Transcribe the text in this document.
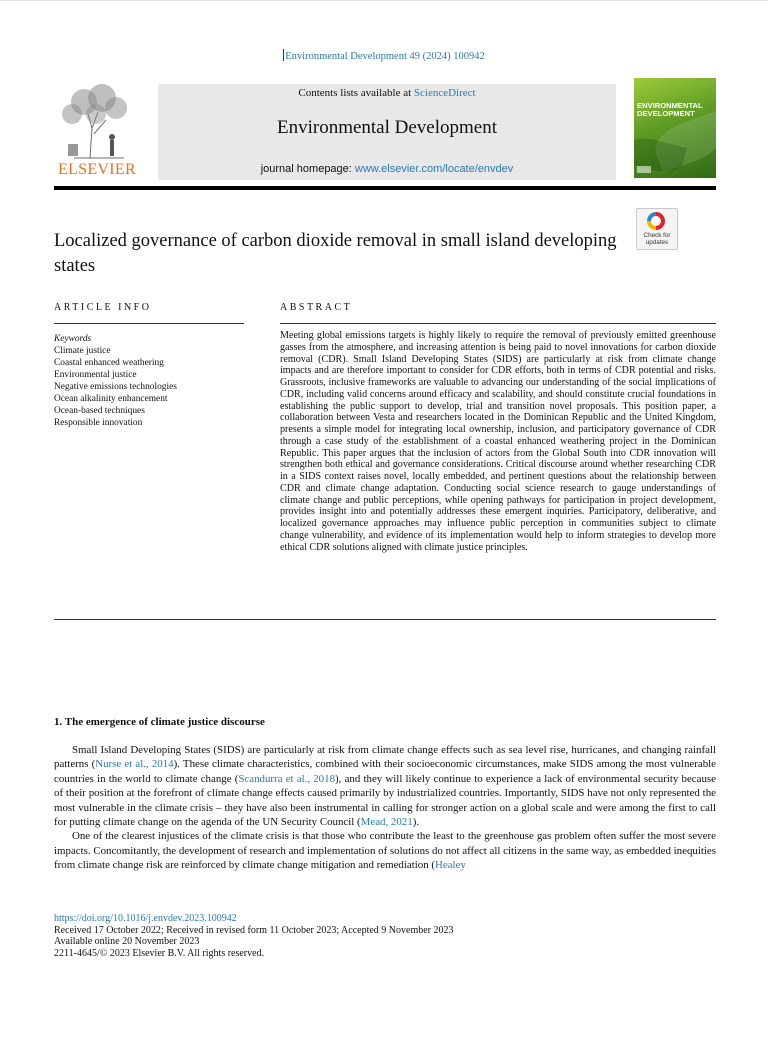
Environmental Development 49 (2024) 100942
ELSEVIER
Contents lists available at ScienceDirect
Environmental Development
journal homepage: www.elsevier.com/locate/envdev
ENVIRONMENTAL DEVELOPMENT
Check for
updates
Localized governance of carbon dioxide removal in small island developing states
ARTICLE INFO	ABSTRACT
Keywords
Climate justice
Coastal enhanced weathering
Environmental justice
Negative emissions technologies
Ocean alkalinity enhancement
Ocean-based techniques
Responsible innovation
Meeting global emissions targets is highly likely to require the removal of previously emitted greenhouse gasses from the atmosphere, and increasing attention is being paid to novel innovations for carbon dioxide removal (CDR). Small Island Developing States (SIDS) are particularly at risk from climate change impacts and are therefore important to consider for CDR efforts, both in terms of CDR potential and risks. Grassroots, inclusive frameworks are valuable to advancing our understanding of the social implications of CDR, including valid concerns around efficacy and scalability, and should constitute crucial foundations in establishing the public support to develop, trial and transition novel proposals. This position paper, a collaboration between Vesta and researchers located in the Dominican Republic and the United Kingdom, presents a simple model for integrating local ownership, inclusion, and participatory governance of CDR through a case study of the establishment of a coastal enhanced weathering project in the Dominican Republic. This paper argues that the inclusion of actors from the Global South into CDR innovation will strengthen both ethical and governance considerations. Critical discourse around whether researching CDR in a SIDS context raises novel, locally embedded, and pertinent questions about the relationship between CDR and climate change adaptation. Conducting social science research to gauge understandings of climate change and public perceptions, while opening pathways for participation in project development, provides insight into and potentially addresses these emergent inquiries. Participatory, deliberative, and localized governance approaches may influence public perception in communities subject to climate change vulnerability, and evidence of its implementation would help to inform strategies to develop more ethical CDR solutions aligned with climate justice principles.
1. The emergence of climate justice discourse

Small Island Developing States (SIDS) are particularly at risk from climate change effects such as sea level rise, hurricanes, and changing rainfall patterns (Nurse et al., 2014). These climate characteristics, combined with their socioeconomic circumstances, make SIDS among the most vulnerable countries in the world to climate change (Scandurra et al., 2018), and they will likely continue to experience a lack of environmental security because of their position at the forefront of climate change effects caused primarily by industrialized countries. Importantly, SIDS have not only represented the most vulnerable in the climate crisis – they have also been instrumental in calling for stronger action on a global scale and were among the first to call for putting climate change on the agenda of the UN Security Council (Mead, 2021).

One of the clearest injustices of the climate crisis is that those who contribute the least to the greenhouse gas problem often suffer the most severe impacts. Concomitantly, the development of research and implementation of solutions do not affect all citizens in the same way, as embedded inequities from climate change risk are reinforced by climate change mitigation and remediation (Healey

https://doi.org/10.1016/j.envdev.2023.100942
Received 17 October 2022; Received in revised form 11 October 2023; Accepted 9 November 2023
Available online 20 November 2023
2211-4645/© 2023 Elsevier B.V. All rights reserved.
